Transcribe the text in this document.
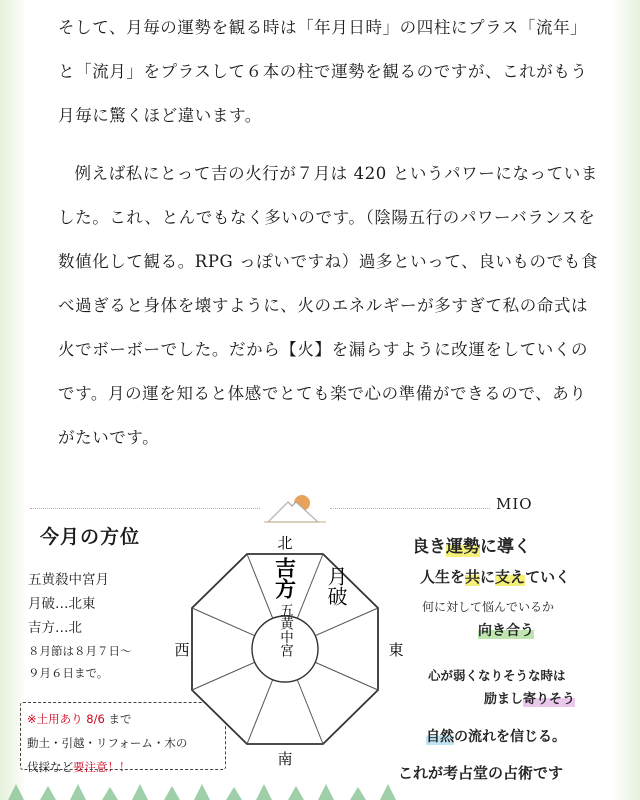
そして、月毎の運勢を観る時は「年月日時」の四柱にプラス「流年」と「流月」をプラスして６本の柱で運勢を観るのですが、これがもう月毎に驚くほど違います。

例えば私にとって吉の火行が７月は 420 というパワーになっていました。これ、とんでもなく多いのです。（陰陽五行のパワーバランスを数値化して観る。RPG っぽいですね）過多といって、良いものでも食べ過ぎると身体を壊すように、火のエネルギーが多すぎて私の命式は火でボーボーでした。だから【火】を漏らすように改運をしていくのです。月の運を知ると体感でとても楽で心の準備ができるので、ありがたいです。

MIO
今月の方位
五黄殺中宮月
月破…北東
吉方…北
８月節は８月７日～
９月６日まで。
※土用あり 8/6 まで
動土・引越・リフォーム・木の
伐採など要注意！！
北
南
東
西
吉方 月破
五黄中宮
良き運勢に導く
人生を共に支えていく
何に対して悩んでいるか
向き合う
心が弱くなりそうな時は
励まし寄りそう
自然の流れを信じる。
これが考占堂の占術です
